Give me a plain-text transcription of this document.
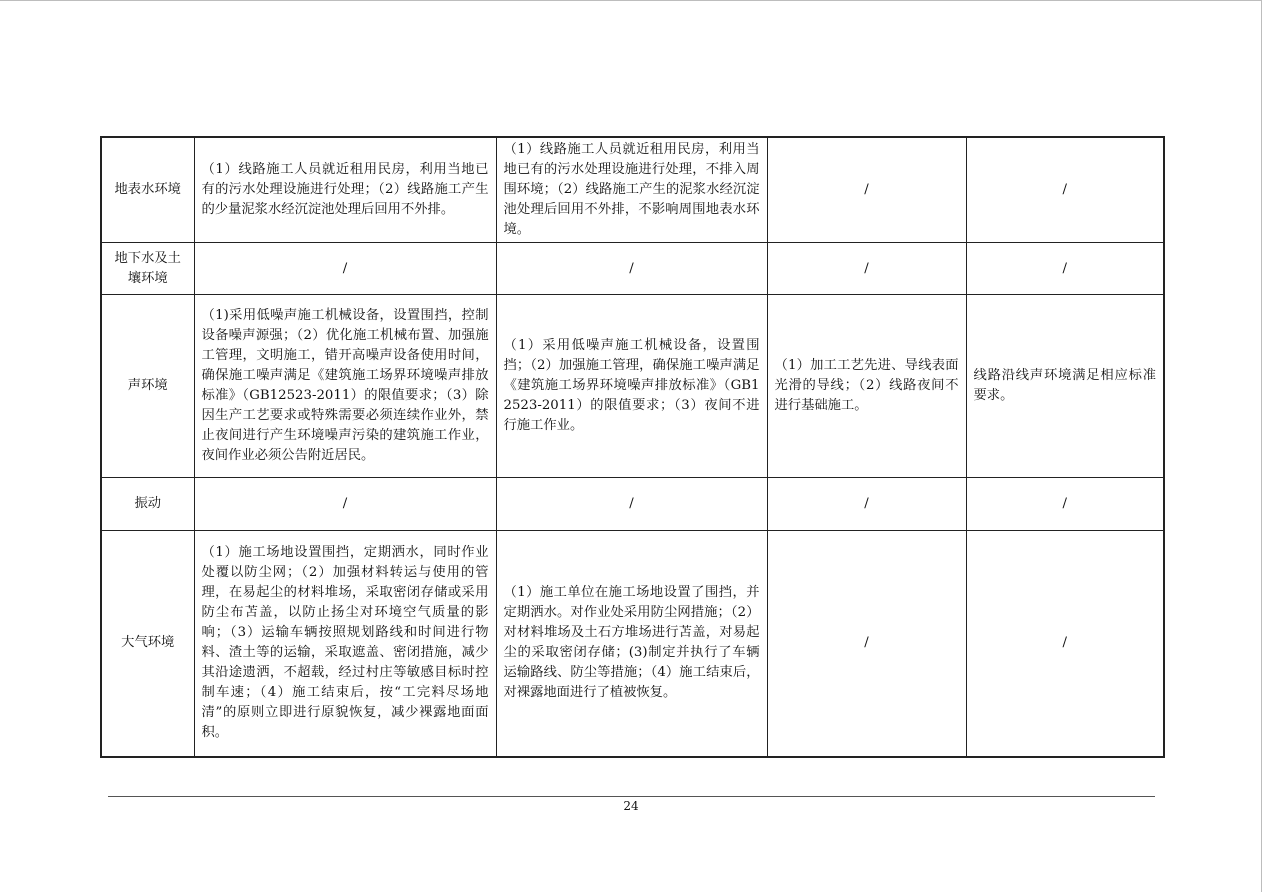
地表水环境	（1）线路施工人员就近租用民房，利用当地已有的污水处理设施进行处理；（2）线路施工产生的少量泥浆水经沉淀池处理后回用不外排。	（1）线路施工人员就近租用民房，利用当地已有的污水处理设施进行处理，不排入周围环境；（2）线路施工产生的泥浆水经沉淀池处理后回用不外排，不影响周围地表水环境。	/	/
地下水及土壤环境	/	/	/	/
声环境	（1)采用低噪声施工机械设备，设置围挡，控制设备噪声源强；（2）优化施工机械布置、加强施工管理，文明施工，错开高噪声设备使用时间，确保施工噪声满足《建筑施工场界环境噪声排放标准》（GB12523-2011）的限值要求；（3）除因生产工艺要求或特殊需要必须连续作业外，禁止夜间进行产生环境噪声污染的建筑施工作业，夜间作业必须公告附近居民。	（1）采用低噪声施工机械设备，设置围挡；（2）加强施工管理，确保施工噪声满足《建筑施工场界环境噪声排放标准》（GB12523-2011）的限值要求；（3）夜间不进行施工作业。	（1）加工工艺先进、导线表面光滑的导线；（2）线路夜间不进行基础施工。	线路沿线声环境满足相应标准要求。
振动	/	/	/	/
大气环境	（1）施工场地设置围挡，定期洒水，同时作业处覆以防尘网；（2）加强材料转运与使用的管理，在易起尘的材料堆场，采取密闭存储或采用防尘布苫盖，以防止扬尘对环境空气质量的影响；（3）运输车辆按照规划路线和时间进行物料、渣土等的运输，采取遮盖、密闭措施，减少其沿途遗洒，不超载，经过村庄等敏感目标时控制车速；（4）施工结束后，按“工完料尽场地清”的原则立即进行原貌恢复，减少裸露地面面积。	（1）施工单位在施工场地设置了围挡，并定期洒水。对作业处采用防尘网措施；（2）对材料堆场及土石方堆场进行苫盖，对易起尘的采取密闭存储；(3)制定并执行了车辆运输路线、防尘等措施；（4）施工结束后，对裸露地面进行了植被恢复。	/	/
24
